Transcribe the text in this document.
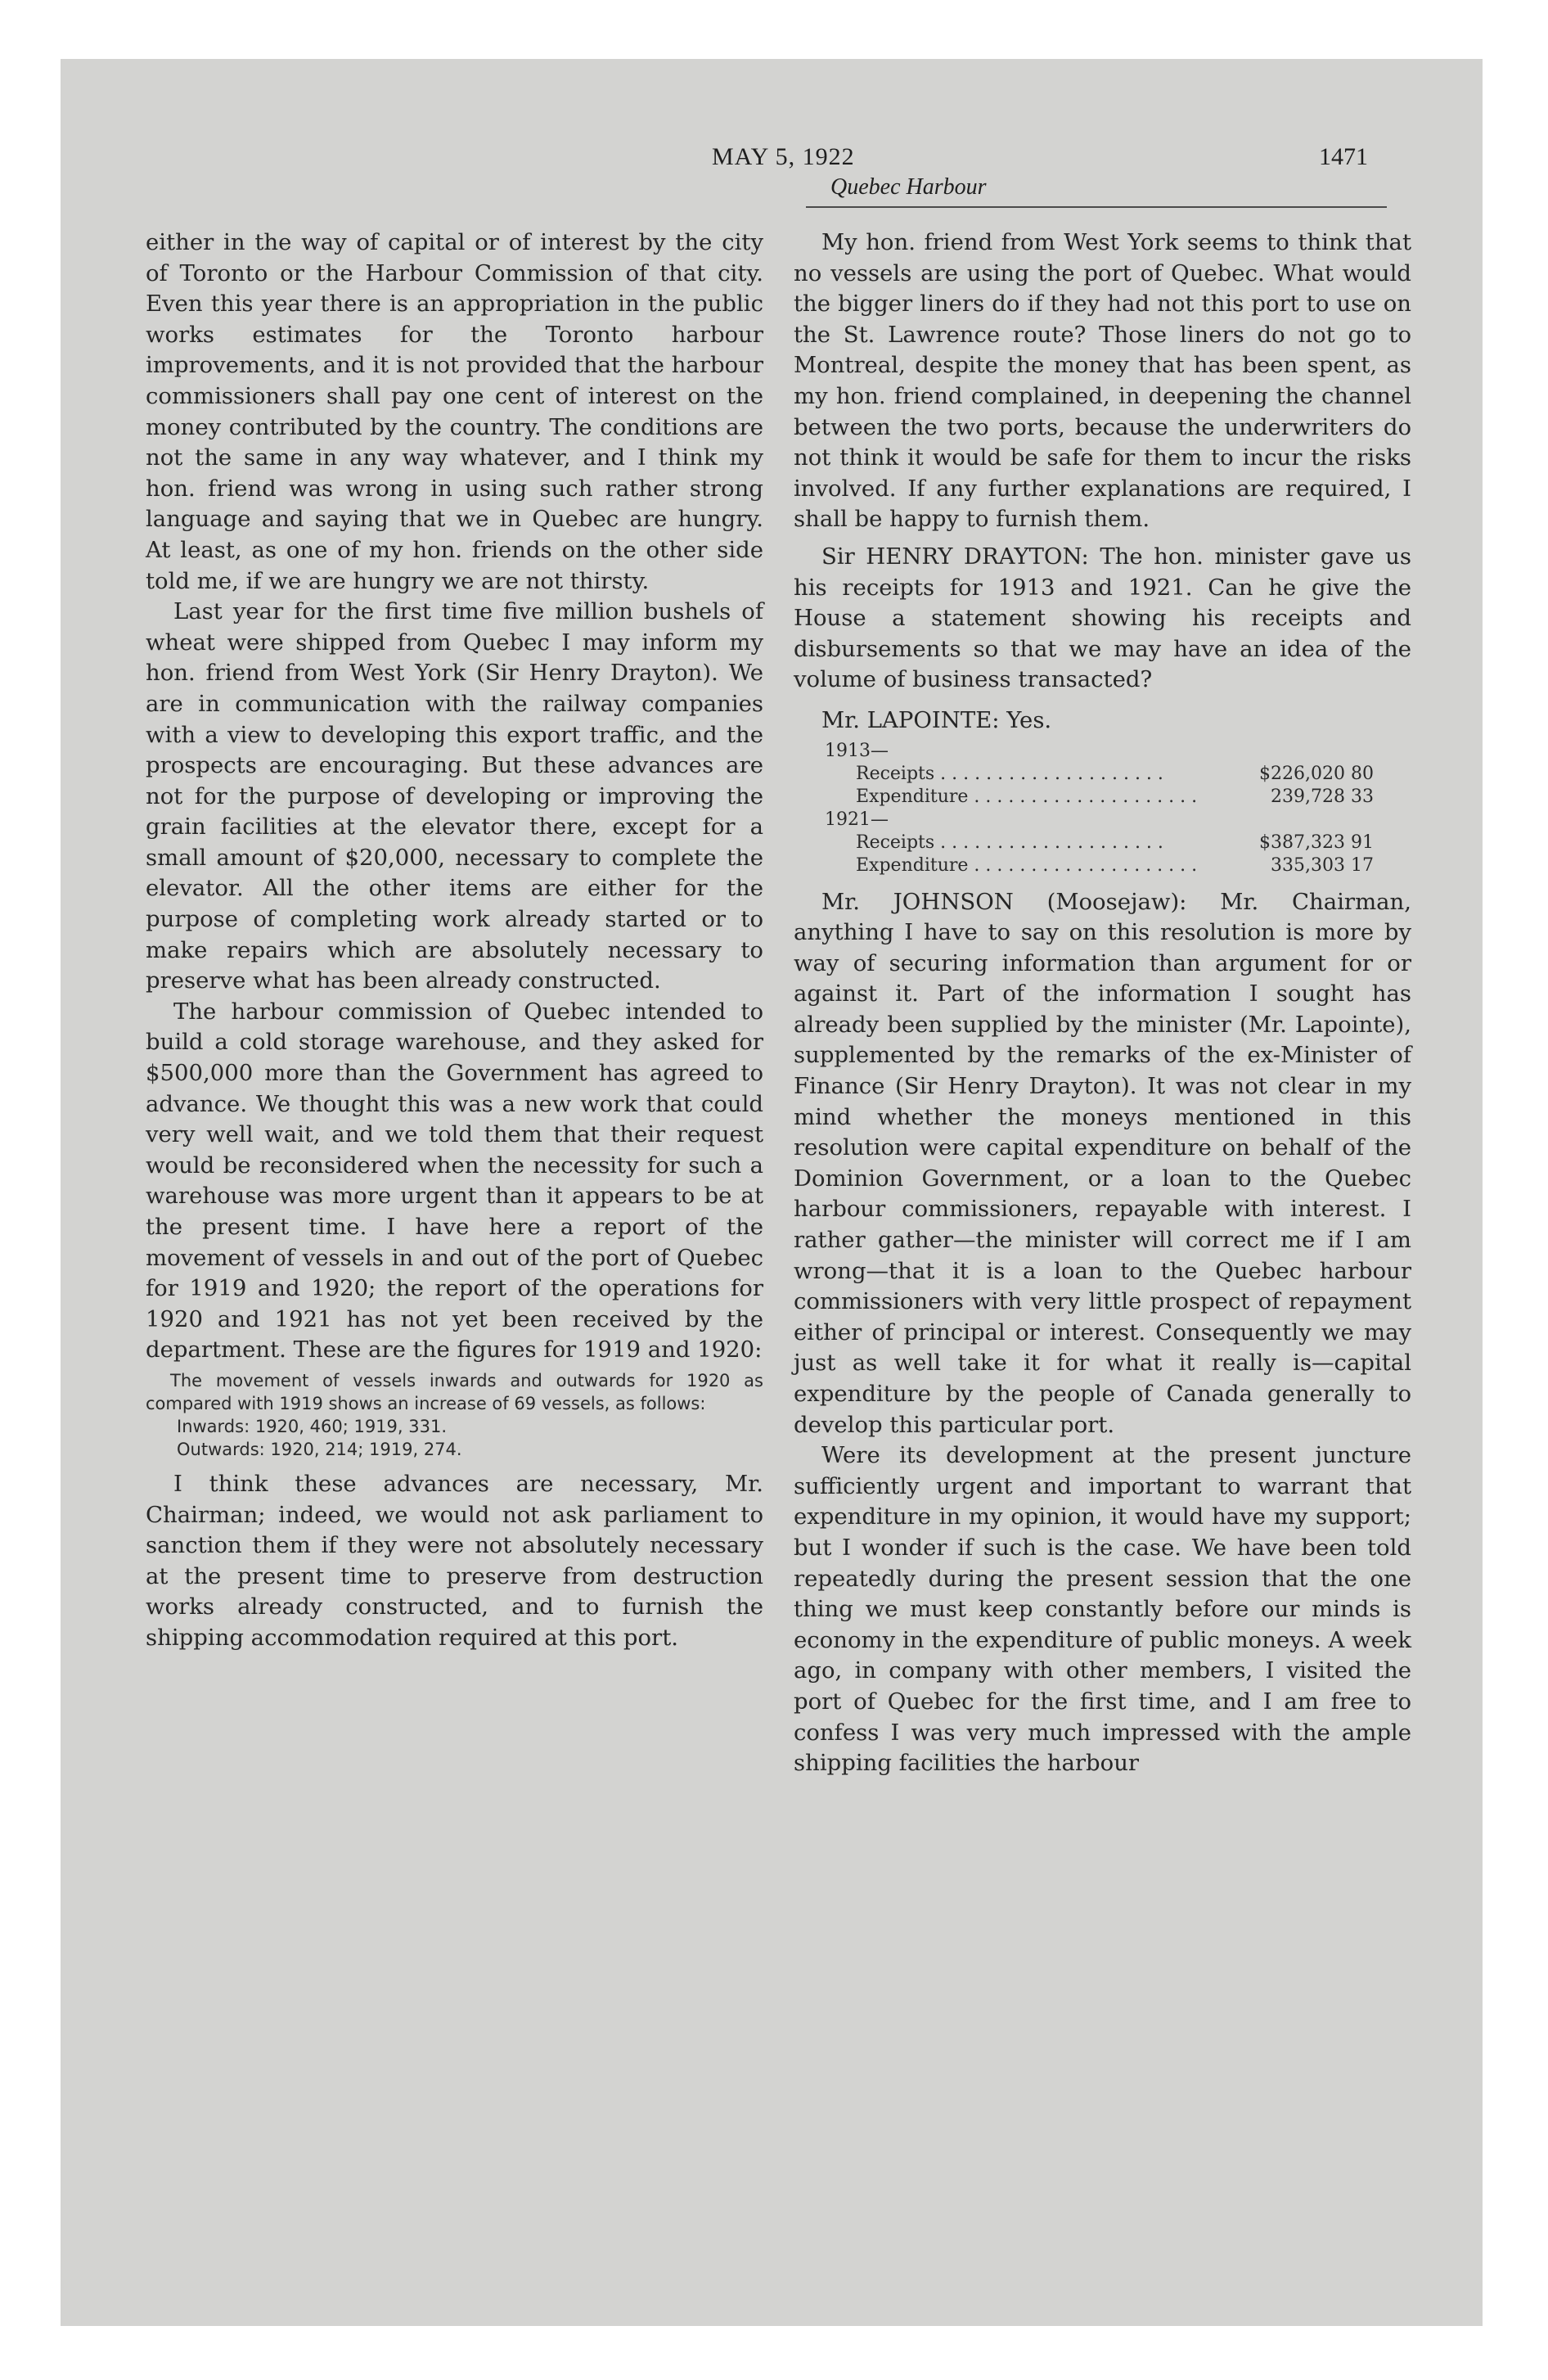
MAY 5, 1922
Quebec Harbour
1471

either in the way of capital or of interest by the city of Toronto or the Harbour Commission of that city. Even this year there is an appropriation in the public works estimates for the Toronto harbour improvements, and it is not provided that the harbour commissioners shall pay one cent of interest on the money contributed by the country. The conditions are not the same in any way whatever, and I think my hon. friend was wrong in using such rather strong language and saying that we in Quebec are hungry. At least, as one of my hon. friends on the other side told me, if we are hungry we are not thirsty.

Last year for the first time five million bushels of wheat were shipped from Quebec I may inform my hon. friend from West York (Sir Henry Drayton). We are in communication with the railway companies with a view to developing this export traffic, and the prospects are encouraging. But these advances are not for the purpose of developing or improving the grain facilities at the elevator there, except for a small amount of $20,000, necessary to complete the elevator. All the other items are either for the purpose of completing work already started or to make repairs which are absolutely necessary to preserve what has been already constructed.

The harbour commission of Quebec intended to build a cold storage warehouse, and they asked for $500,000 more than the Government has agreed to advance. We thought this was a new work that could very well wait, and we told them that their request would be reconsidered when the necessity for such a warehouse was more urgent than it appears to be at the present time. I have here a report of the movement of vessels in and out of the port of Quebec for 1919 and 1920; the report of the operations for 1920 and 1921 has not yet been received by the department. These are the figures for 1919 and 1920:

The movement of vessels inwards and outwards for 1920 as compared with 1919 shows an increase of 69 vessels, as follows:
Inwards: 1920, 460; 1919, 331.
Outwards: 1920, 214; 1919, 274.

I think these advances are necessary, Mr. Chairman; indeed, we would not ask parliament to sanction them if they were not absolutely necessary at the present time to preserve from destruction works already constructed, and to furnish the shipping accommodation required at this port.

My hon. friend from West York seems to think that no vessels are using the port of Quebec. What would the bigger liners do if they had not this port to use on the St. Lawrence route? Those liners do not go to Montreal, despite the money that has been spent, as my hon. friend complained, in deepening the channel between the two ports, because the underwriters do not think it would be safe for them to incur the risks involved. If any further explanations are required, I shall be happy to furnish them.

Sir HENRY DRAYTON: The hon. minister gave us his receipts for 1913 and 1921. Can he give the House a statement showing his receipts and disbursements so that we may have an idea of the volume of business transacted?

Mr. LAPOINTE: Yes.

1913—
Receipts . . . . . . . . . . . . . . . . . . . .	$226,020 80
Expenditure . . . . . . . . . . . . . . . . . . . .	239,728 33
1921—
Receipts . . . . . . . . . . . . . . . . . . . .	$387,323 91
Expenditure . . . . . . . . . . . . . . . . . . . .	335,303 17

Mr. JOHNSON (Moosejaw): Mr. Chairman, anything I have to say on this resolution is more by way of securing information than argument for or against it. Part of the information I sought has already been supplied by the minister (Mr. Lapointe), supplemented by the remarks of the ex-Minister of Finance (Sir Henry Drayton). It was not clear in my mind whether the moneys mentioned in this resolution were capital expenditure on behalf of the Dominion Government, or a loan to the Quebec harbour commissioners, repayable with interest. I rather gather—the minister will correct me if I am wrong—that it is a loan to the Quebec harbour commissioners with very little prospect of repayment either of principal or interest. Consequently we may just as well take it for what it really is—capital expenditure by the people of Canada generally to develop this particular port.

Were its development at the present juncture sufficiently urgent and important to warrant that expenditure in my opinion, it would have my support; but I wonder if such is the case. We have been told repeatedly during the present session that the one thing we must keep constantly before our minds is economy in the expenditure of public moneys. A week ago, in company with other members, I visited the port of Quebec for the first time, and I am free to confess I was very much impressed with the ample shipping facilities the harbour
